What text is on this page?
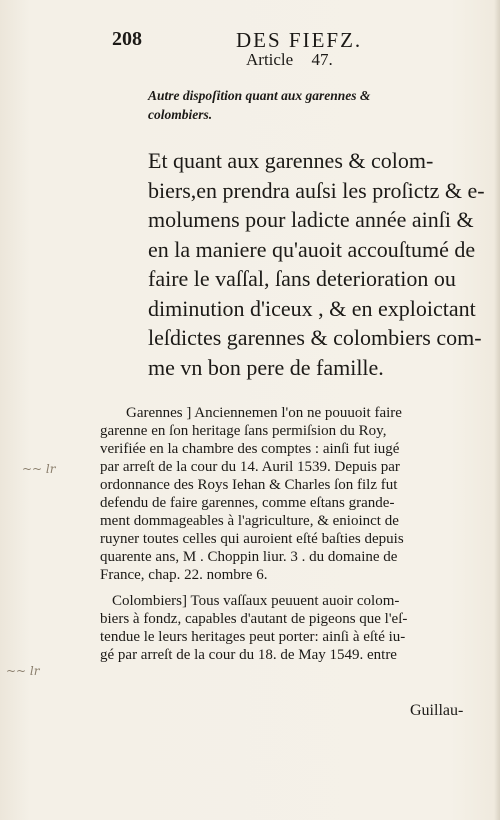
208	DES FIEFZ.
Article 47.
Autre dispoſition quant aux garennes &
colombiers.
Et quant aux garennes & colom-
biers,en prendra auſsi les proſictz & e-
molumens pour ladicte année ainſi &
en la maniere qu'auoit accouſtumé de
faire le vaſſal, ſans deterioration ou
diminution d'iceux , & en exploictant
leſdictes garennes & colombiers com-
me vn bon pere de famille.
Garennes ] Anciennemen l'on ne pouuoit faire
garenne en ſon heritage ſans permiſsion du Roy,
verifiée en la chambre des comptes : ainſi fut iugé
par arreſt de la cour du 14. Auril 1539. Depuis par
ordonnance des Roys Iehan & Charles ſon filz fut
defendu de faire garennes, comme eſtans grande-
ment dommageables à l'agriculture, & enioinct de
ruyner toutes celles qui auroient eſté baſties depuis
quarente ans, M . Choppin liur. 3 . du domaine de
France, chap. 22. nombre 6.
Colombiers] Tous vaſſaux peuuent auoir colom-
biers à fondz, capables d'autant de pigeons que l'eſ-
tendue le leurs heritages peut porter: ainſi à eſté iu-
gé par arreſt de la cour du 18. de May 1549. entre
Guillau-
~~ lr
~~ lr
